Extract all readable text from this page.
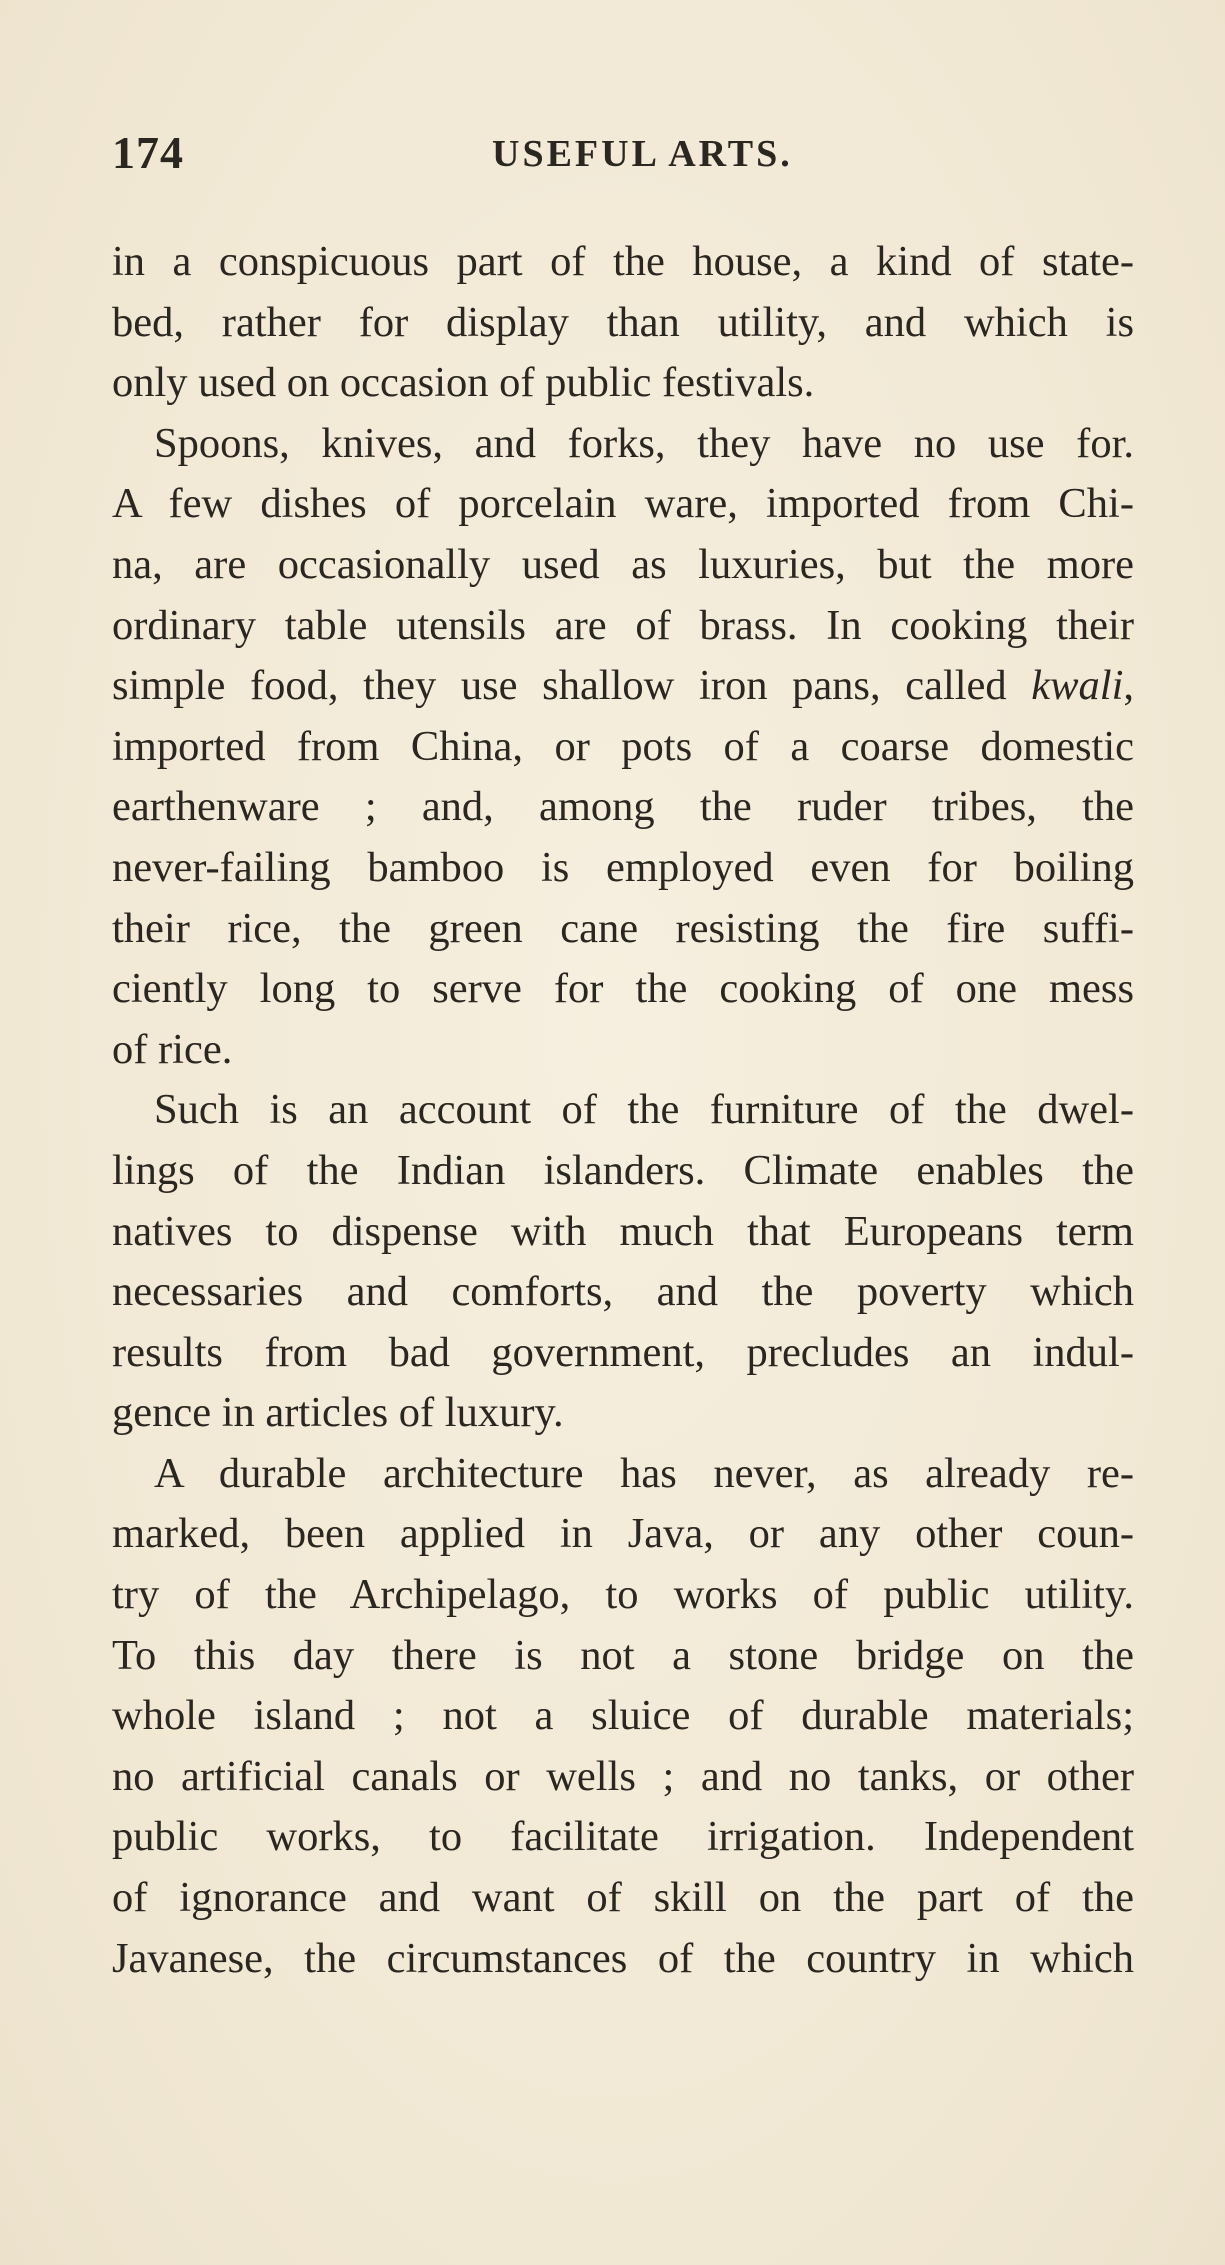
174	USEFUL ARTS.
in a conspicuous part of the house, a kind of state-
bed, rather for display than utility, and which is
only used on occasion of public festivals.
Spoons, knives, and forks, they have no use for.
A few dishes of porcelain ware, imported from Chi-
na, are occasionally used as luxuries, but the more
ordinary table utensils are of brass. In cooking their
simple food, they use shallow iron pans, called kwali,
imported from China, or pots of a coarse domestic
earthenware ; and, among the ruder tribes, the
never-failing bamboo is employed even for boiling
their rice, the green cane resisting the fire suffi-
ciently long to serve for the cooking of one mess
of rice.
Such is an account of the furniture of the dwel-
lings of the Indian islanders. Climate enables the
natives to dispense with much that Europeans term
necessaries and comforts, and the poverty which
results from bad government, precludes an indul-
gence in articles of luxury.
A durable architecture has never, as already re-
marked, been applied in Java, or any other coun-
try of the Archipelago, to works of public utility.
To this day there is not a stone bridge on the
whole island ; not a sluice of durable materials;
no artificial canals or wells ; and no tanks, or other
public works, to facilitate irrigation. Independent
of ignorance and want of skill on the part of the
Javanese, the circumstances of the country in which
